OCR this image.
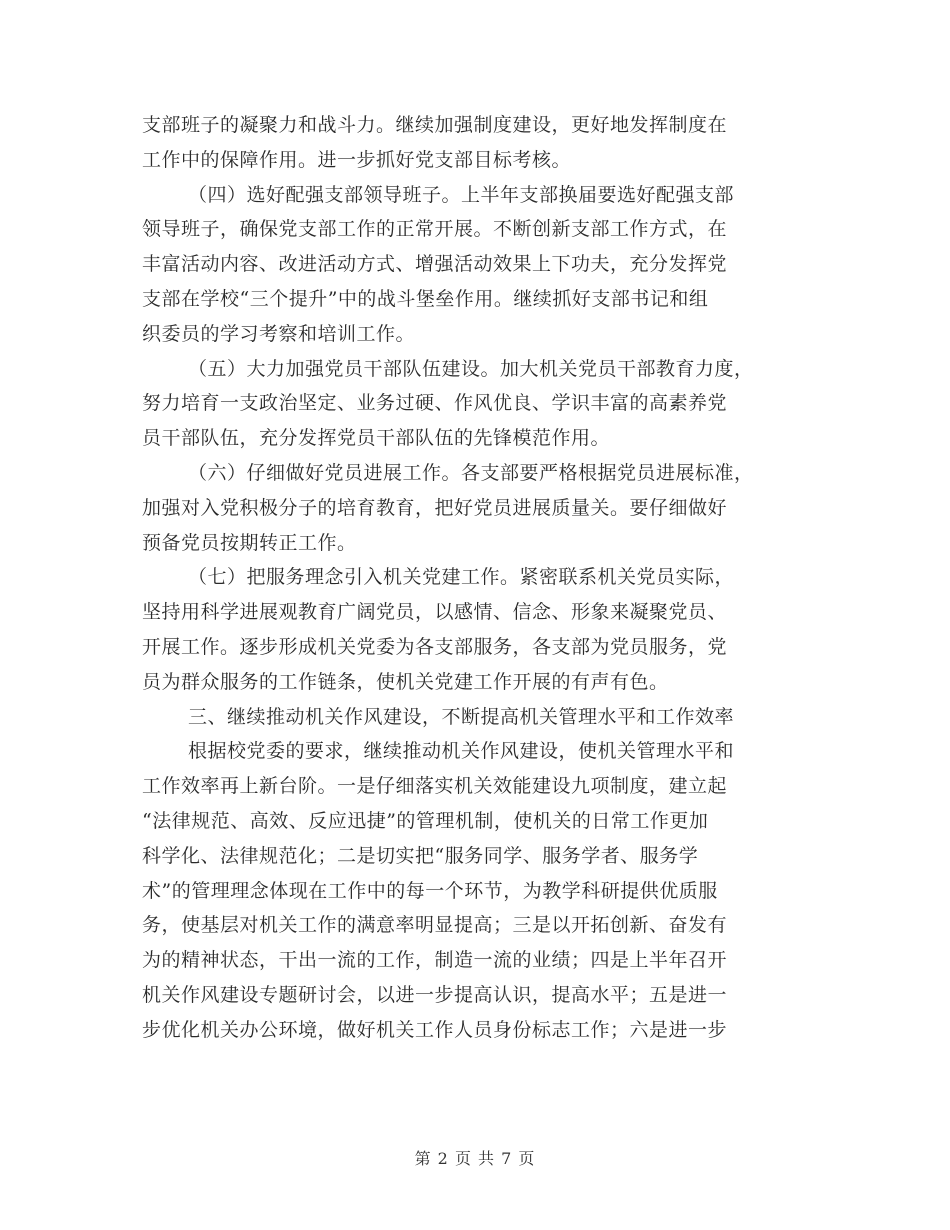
支部班子的凝聚力和战斗力。继续加强制度建设，更好地发挥制度在
工作中的保障作用。进一步抓好党支部目标考核。
（四）选好配强支部领导班子。上半年支部换届要选好配强支部
领导班子，确保党支部工作的正常开展。不断创新支部工作方式，在
丰富活动内容、改进活动方式、增强活动效果上下功夫，充分发挥党
支部在学校“三个提升”中的战斗堡垒作用。继续抓好支部书记和组
织委员的学习考察和培训工作。
（五）大力加强党员干部队伍建设。加大机关党员干部教育力度，
努力培育一支政治坚定、业务过硬、作风优良、学识丰富的高素养党
员干部队伍，充分发挥党员干部队伍的先锋模范作用。
（六）仔细做好党员进展工作。各支部要严格根据党员进展标准，
加强对入党积极分子的培育教育，把好党员进展质量关。要仔细做好
预备党员按期转正工作。
（七）把服务理念引入机关党建工作。紧密联系机关党员实际，
坚持用科学进展观教育广阔党员，以感情、信念、形象来凝聚党员、
开展工作。逐步形成机关党委为各支部服务，各支部为党员服务，党
员为群众服务的工作链条，使机关党建工作开展的有声有色。
三、继续推动机关作风建设，不断提高机关管理水平和工作效率
根据校党委的要求，继续推动机关作风建设，使机关管理水平和
工作效率再上新台阶。一是仔细落实机关效能建设九项制度，建立起
“法律规范、高效、反应迅捷”的管理机制，使机关的日常工作更加
科学化、法律规范化；二是切实把“服务同学、服务学者、服务学
术”的管理理念体现在工作中的每一个环节，为教学科研提供优质服
务，使基层对机关工作的满意率明显提高；三是以开拓创新、奋发有
为的精神状态，干出一流的工作，制造一流的业绩；四是上半年召开
机关作风建设专题研讨会，以进一步提高认识，提高水平；五是进一
步优化机关办公环境，做好机关工作人员身份标志工作；六是进一步
第 2 页 共 7 页
